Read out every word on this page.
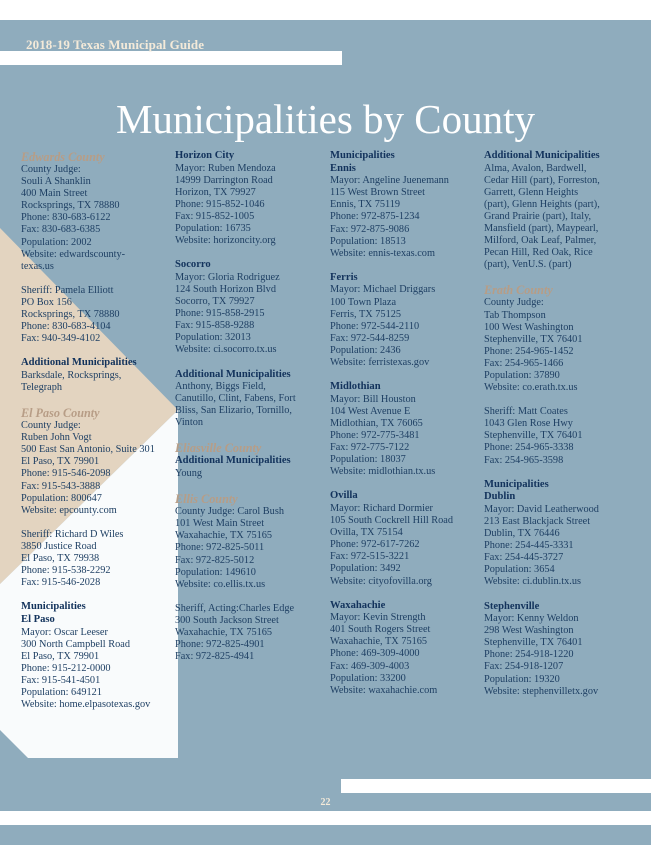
2018-19 Texas Municipal Guide
Municipalities by County
Edwards County
County Judge:
Souli A Shanklin
400 Main Street
Rocksprings, TX 78880
Phone: 830-683-6122
Fax: 830-683-6385
Population: 2002
Website: edwardscounty-
texas.us
Sheriff: Pamela Elliott
PO Box 156
Rocksprings, TX 78880
Phone: 830-683-4104
Fax: 940-349-4102
Additional Municipalities
Barksdale, Rocksprings,
Telegraph
El Paso County
County Judge:
Ruben John Vogt
500 East San Antonio, Suite 301
El Paso, TX 79901
Phone: 915-546-2098
Fax: 915-543-3888
Population: 800647
Website: epcounty.com
Sheriff: Richard D Wiles
3850 Justice Road
El Paso, TX 79938
Phone: 915-538-2292
Fax: 915-546-2028
Municipalities
El Paso
Mayor: Oscar Leeser
300 North Campbell Road
El Paso, TX 79901
Phone: 915-212-0000
Fax: 915-541-4501
Population: 649121
Website: home.elpasotexas.gov
Horizon City
Mayor: Ruben Mendoza
14999 Darrington Road
Horizon, TX 79927
Phone: 915-852-1046
Fax: 915-852-1005
Population: 16735
Website: horizoncity.org
Socorro
Mayor: Gloria Rodriguez
124 South Horizon Blvd
Socorro, TX 79927
Phone: 915-858-2915
Fax: 915-858-9288
Population: 32013
Website: ci.socorro.tx.us
Additional Municipalities
Anthony, Biggs Field,
Canutillo, Clint, Fabens, Fort
Bliss, San Elizario, Tornillo,
Vinton
Eliasville County
Additional Municipalities
Young
Ellis County
County Judge: Carol Bush
101 West Main Street
Waxahachie, TX 75165
Phone: 972-825-5011
Fax: 972-825-5012
Population: 149610
Website: co.ellis.tx.us
Sheriff, Acting:Charles Edge
300 South Jackson Street
Waxahachie, TX 75165
Phone: 972-825-4901
Fax: 972-825-4941
Municipalities
Ennis
Mayor: Angeline Juenemann
115 West Brown Street
Ennis, TX 75119
Phone: 972-875-1234
Fax: 972-875-9086
Population: 18513
Website: ennis-texas.com
Ferris
Mayor: Michael Driggars
100 Town Plaza
Ferris, TX 75125
Phone: 972-544-2110
Fax: 972-544-8259
Population: 2436
Website: ferristexas.gov
Midlothian
Mayor: Bill Houston
104 West Avenue E
Midlothian, TX 76065
Phone: 972-775-3481
Fax: 972-775-7122
Population: 18037
Website: midlothian.tx.us
Ovilla
Mayor: Richard Dormier
105 South Cockrell Hill Road
Ovilla, TX 75154
Phone: 972-617-7262
Fax: 972-515-3221
Population: 3492
Website: cityofovilla.org
Waxahachie
Mayor: Kevin Strength
401 South Rogers Street
Waxahachie, TX 75165
Phone: 469-309-4000
Fax: 469-309-4003
Population: 33200
Website: waxahachie.com
Additional Municipalities
Alma, Avalon, Bardwell,
Cedar Hill (part), Forreston,
Garrett, Glenn Heights
(part), Glenn Heights (part),
Grand Prairie (part), Italy,
Mansfield (part), Maypearl,
Milford, Oak Leaf, Palmer,
Pecan Hill, Red Oak, Rice
(part), VenU.S. (part)
Erath County
County Judge:
Tab Thompson
100 West Washington
Stephenville, TX 76401
Phone: 254-965-1452
Fax: 254-965-1466
Population: 37890
Website: co.erath.tx.us
Sheriff: Matt Coates
1043 Glen Rose Hwy
Stephenville, TX 76401
Phone: 254-965-3338
Fax: 254-965-3598
Municipalities
Dublin
Mayor: David Leatherwood
213 East Blackjack Street
Dublin, TX 76446
Phone: 254-445-3331
Fax: 254-445-3727
Population: 3654
Website: ci.dublin.tx.us
Stephenville
Mayor: Kenny Weldon
298 West Washington
Stephenville, TX 76401
Phone: 254-918-1220
Fax: 254-918-1207
Population: 19320
Website: stephenvilletx.gov
22
